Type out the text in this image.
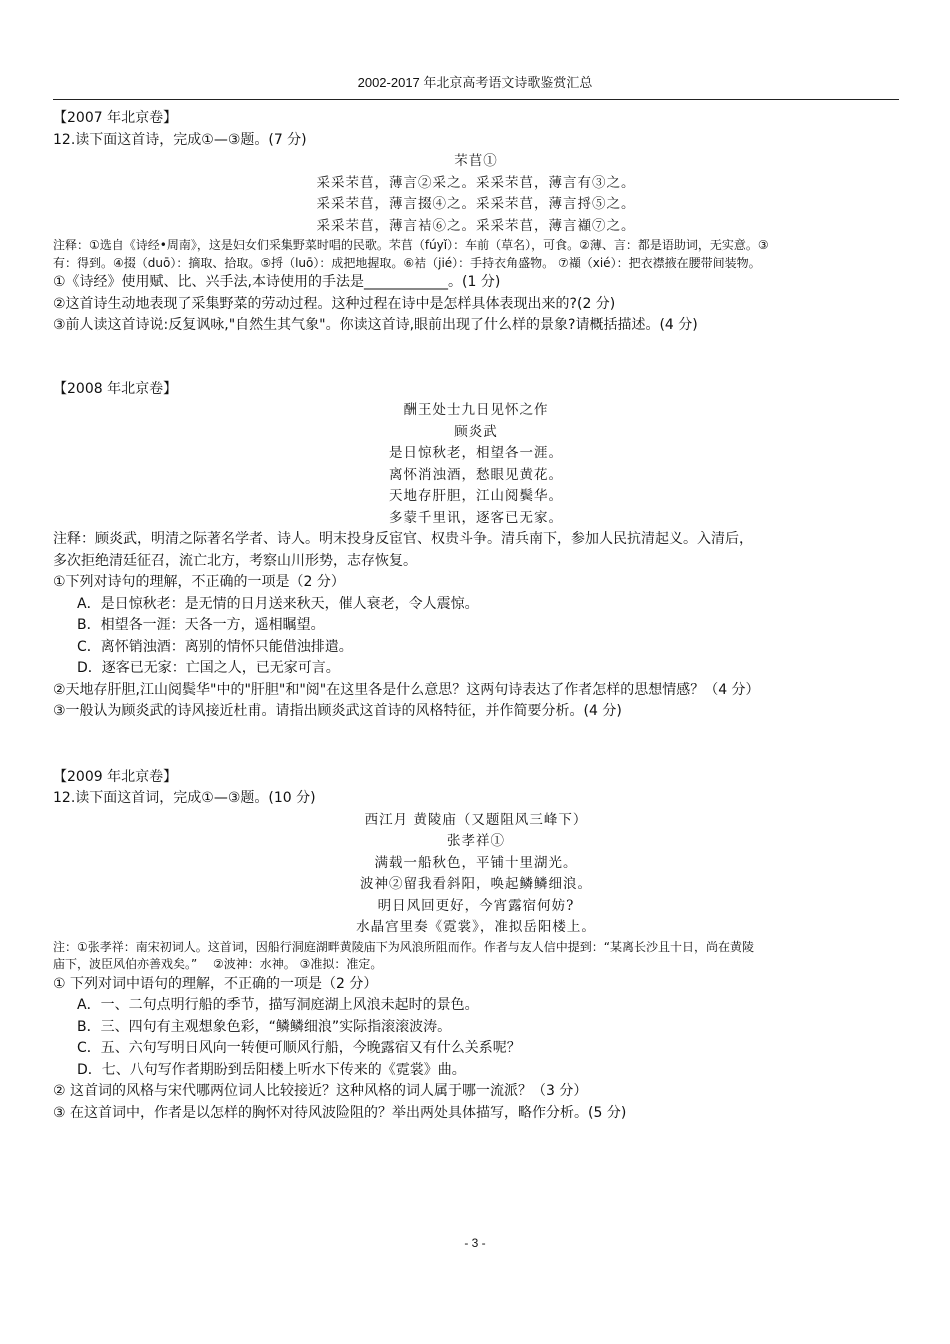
2002-2017 年北京高考语文诗歌鉴赏汇总
【2007 年北京卷】
12.读下面这首诗，完成①—③题。(7 分)
芣苢①
采采芣苢，薄言②采之。采采芣苢，薄言有③之。
采采芣苢，薄言掇④之。采采芣苢，薄言捋⑤之。
采采芣苢，薄言袺⑥之。采采芣苢，薄言襭⑦之。
注释：①选自《诗经•周南》，这是妇女们采集野菜时唱的民歌。芣苢（fúyǐ）：车前（草名），可食。②薄、言：都是语助词，无实意。③
有：得到。④掇（duō）：摘取、拾取。⑤捋（luō）：成把地握取。⑥袺（jié）：手持衣角盛物。 ⑦襭（xié）：把衣襟掖在腰带间装物。
①《诗经》使用赋、比、兴手法,本诗使用的手法是____________。(1 分)
②这首诗生动地表现了采集野菜的劳动过程。这种过程在诗中是怎样具体表现出来的?(2 分)
③前人读这首诗说:反复讽咏,"自然生其气象"。你读这首诗,眼前出现了什么样的景象?请概括描述。(4 分)
【2008 年北京卷】
酬王处士九日见怀之作
顾炎武
是日惊秋老，相望各一涯。
离怀消浊酒，愁眼见黄花。
天地存肝胆，江山阅鬓华。
多蒙千里讯，逐客已无家。
注释：顾炎武，明清之际著名学者、诗人。明末投身反宦官、权贵斗争。清兵南下，参加人民抗清起义。入清后，
多次拒绝清廷征召，流亡北方，考察山川形势，志存恢复。
①下列对诗句的理解，不正确的一项是（2 分）
A．是日惊秋老：是无情的日月送来秋天，催人衰老，令人震惊。
B．相望各一涯：天各一方，遥相瞩望。
C．离怀销浊酒：离别的情怀只能借浊排遣。
D．逐客已无家：亡国之人，已无家可言。
②天地存肝胆,江山阅鬓华"中的"肝胆"和"阅"在这里各是什么意思？这两句诗表达了作者怎样的思想情感？（4 分）
③一般认为顾炎武的诗风接近杜甫。请指出顾炎武这首诗的风格特征，并作简要分析。(4 分)
【2009 年北京卷】
12.读下面这首词，完成①—③题。(10 分)
西江月 黄陵庙（又题阻风三峰下）
张孝祥①
满载一船秋色，平铺十里湖光。
波神②留我看斜阳，唤起鳞鳞细浪。
明日风回更好，今宵露宿何妨?
水晶宫里奏《霓裳》，准拟岳阳楼上。
注：①张孝祥：南宋初词人。这首词，因船行洞庭湖畔黄陵庙下为风浪所阻而作。作者与友人信中提到：“某离长沙且十日，尚在黄陵
庙下，波臣风伯亦善戏矣。”　 ②波神：水神。 ③准拟：准定。
① 下列对词中语句的理解，不正确的一项是（2 分）
A．一、二句点明行船的季节，描写洞庭湖上风浪未起时的景色。
B．三、四句有主观想象色彩，“鳞鳞细浪”实际指滚滚波涛。
C．五、六句写明日风向一转便可顺风行船，今晚露宿又有什么关系呢？
D．七、八句写作者期盼到岳阳楼上听水下传来的《霓裳》曲。
② 这首词的风格与宋代哪两位词人比较接近？这种风格的词人属于哪一流派？（3 分）
③ 在这首词中，作者是以怎样的胸怀对待风波险阻的？举出两处具体描写，略作分析。(5 分)
- 3 -
